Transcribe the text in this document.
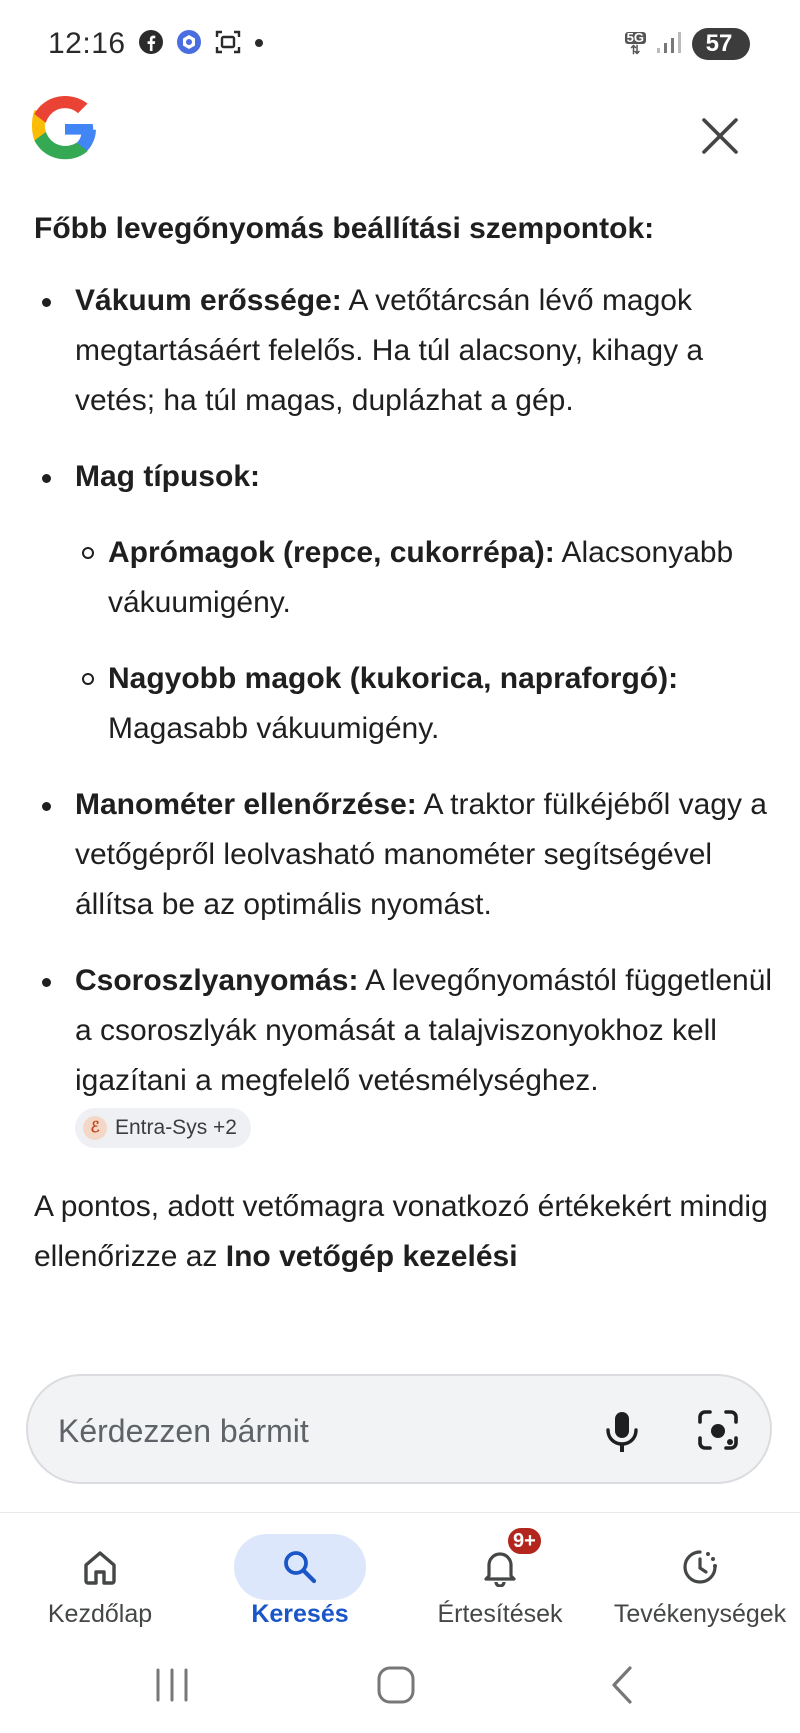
12:16	5G
⇅	57
Főbb levegőnyomás beállítási szempontok:
Vákuum erőssége: A vetőtárcsán lévő magok megtartásáért felelős. Ha túl alacsony, kihagy a vetés; ha túl magas, duplázhat a gép.
Mag típusok:
Aprómagok (repce, cukorrépa): Alacsonyabb vákuumigény.
Nagyobb magok (kukorica, napraforgó): Magasabb vákuumigény.
Manométer ellenőrzése: A traktor fülkéjéből vagy a vetőgépről leolvasható manométer segítségével állítsa be az optimális nyomást.
Csoroszlyanyomás: A levegőnyomástól függetlenül a csoroszlyák nyomását a talajviszonyokhoz kell igazítani a megfelelő vetésmélységhez.
ℰ Entra-Sys +2
A pontos, adott vetőmagra vonatkozó értékekért mindig ellenőrizze az Ino vetőgép kezelési
Kérdezzen bármit
Kezdőlap	Keresés
9+
Értesítések	Tevékenységek
